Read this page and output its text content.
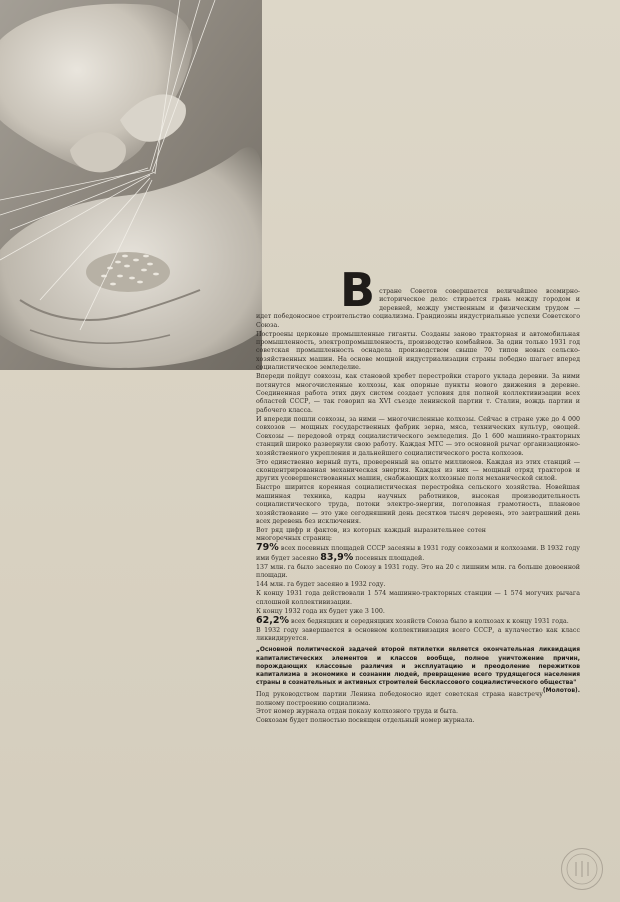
В стране Советов совершается величайшее всемирно-историческое дело: стирается грань между городом и деревней, между умственным и физическим трудом — идет победоносное строительство социализма. Грандиозны индустриальные успехи Советского Союза.

Построены церковые промышленные гиганты. Созданы заново тракторная и автомобильная промышленность, электропромышленность, производство комбайнов. За один только 1931 год советская промышленность оснадела производством свыше 70 типов новых сельско-хозяйственных машин. На основе мощной индустриализации страны победно шагает вперед социалистическое земледелие.

Впереди пойдут совхозы, как становой хребет перестройки старого уклада деревни. За ними потянутся многочисленные колхозы, как опорные пункты нового движения в деревне. Соединенная работа этих двух систем создает условия для полной коллективизации всех областей СССР, — так говорил на XVI съезде ленинской партии т. Сталин, вождь партии и рабочего класса.

И впереди пошли совхозы, за ними — многочисленные колхозы. Сейчас в стране уже до 4 000 совхозов — мощных государственных фабрик зерна, мяса, технических культур, овощей. Совхозы — передовой отряд социалистического земледелия. До 1 600 машинно-тракторных станций широко развернули свою работу. Каждая МТС — это основной рычаг организационно-хозяйственного укрепления и дальнейшего социалистического роста колхозов.

Это единственно верный путь, проверенный на опыте миллионов. Каждая из этих станций — сконцентрированная механическая энергия. Каждая из них — мощный отряд тракторов и других усовершенствованных машин, снабжающих колхозные поля механической силой.

Быстро ширится коренная социалистическая перестройка сельского хозяйства. Новейшая машинная техника, кадры научных работников, высокая производительность социалистического труда, потоки электро-энергии, поголовная грамотность, плановое хозяйствование — это уже сегодняшний день десятков тысяч деревень, это завтрашний день всех деревень без исключения.

Вот ряд цифр и фактов, из которых каждый выразительнее сотен многоречных страниц:

79% всех посевных площадей СССР засеяны в 1931 году совхозами и колхозами. В 1932 году ими будет засеяно 83,9% посевных площадей.

137 млн. га было засеяно по Союзу в 1931 году. Это на 20 с лишним млн. га больше довоенной площади.

144 млн. га будет засеяно в 1932 году.

К концу 1931 года действовали 1 574 машинно-тракторных станции — 1 574 могучих рычага сплошной коллективизации.

К концу 1932 года их будет уже 3 100.

62,2% всех бедняцких и середняцких хозяйств Союза было в колхозах к концу 1931 года.

В 1932 году завершается в основном коллективизация всего СССР, а кулачество как класс ликвидируется.

„Основной политической задачей второй пятилетки является окончательная ликвидация капиталистических элементов и классов вообще, полное уничтожение причин, порождающих классовые различия и эксплуатацию и преодоление пережитков капитализма в экономике и сознании людей, превращение всего трудящегося населения страны в сознательных и активных строителей бесклассового социалистического общества"
(Молотов).

Под руководством партии Ленина победоносно идет советская страна навстречу полному построению социализма.

Этот номер журнала отдан показу колхозного труда и быта.

Совхозам будет полностью посвящен отдельный номер журнала.
